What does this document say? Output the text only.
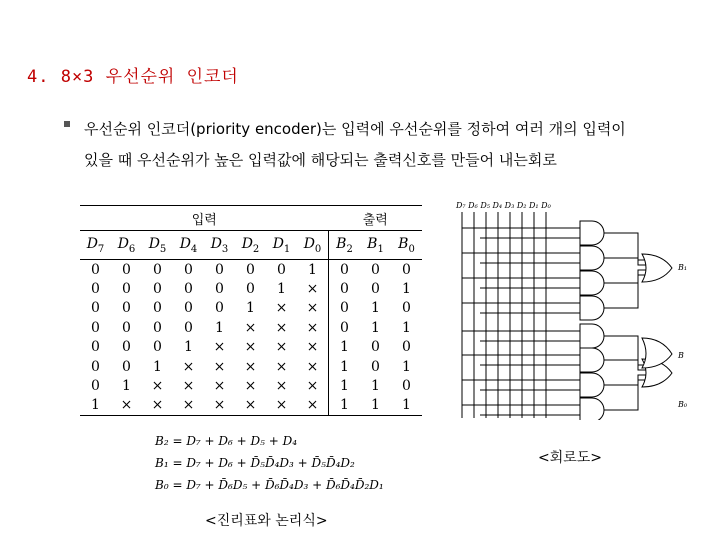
4. 8×3 우선순위 인코더
우선순위 인코더(priority encoder)는 입력에 우선순위를 정하여 여러 개의 입력이
있을 때 우선순위가 높은 입력값에 해당되는 출력신호를 만들어 내는회로
입력								출력		
$D_7$	$D_6$	$D_5$	$D_4$	$D_3$	$D_2$	$D_1$	$D_0$	$B_2$	$B_1$	$B_0$
0	0	0	0	0	0	0	1	0	0	0
0	0	0	0	0	0	1	×	0	0	1
0	0	0	0	0	1	×	×	0	1	0
0	0	0	0	1	×	×	×	0	1	1
0	0	0	1	×	×	×	×	1	0	0
0	0	1	×	×	×	×	×	1	0	1
0	1	×	×	×	×	×	×	1	1	0
1	×	×	×	×	×	×	×	1	1	1
B₂ = D₇ + D₆ + D₅ + D₄
B₁ = D₇ + D₆ + D̄₅D̄₄D₃ + D̄₅D̄₄D₂
B₀ = D₇ + D̄₆D₅ + D̄₆D̄₄D₃ + D̄₆D̄₄D̄₂D₁
<진리표와 논리식>
<회로도>
D₇ D₆ D₅ D₄ D₃ D₂ D₁ D₀
B₁
B
B₀
